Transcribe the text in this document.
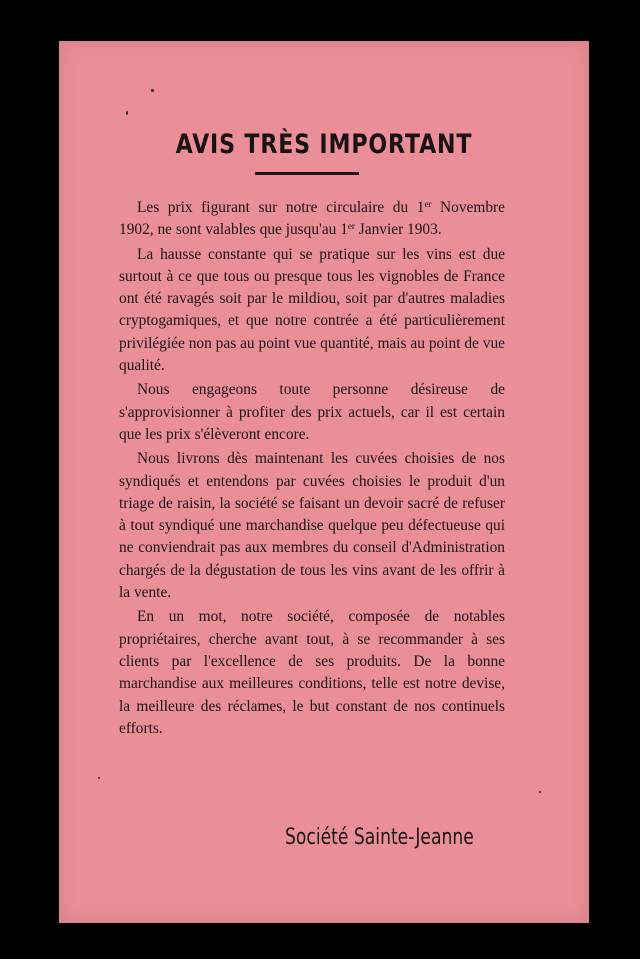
AVIS TRÈS IMPORTANT

Les prix figurant sur notre circulaire du 1er Novembre 1902, ne sont valables que jusqu'au 1er Janvier 1903.

La hausse constante qui se pratique sur les vins est due surtout à ce que tous ou presque tous les vignobles de France ont été ravagés soit par le mildiou, soit par d'autres maladies cryptogamiques, et que notre contrée a été particulièrement privilégiée non pas au point vue quantité, mais au point de vue qualité.

Nous engageons toute personne désireuse de s'approvisionner à profiter des prix actuels, car il est certain que les prix s'élèveront encore.

Nous livrons dès maintenant les cuvées choisies de nos syndiqués et entendons par cuvées choisies le produit d'un triage de raisin, la société se faisant un devoir sacré de refuser à tout syndiqué une marchandise quelque peu défectueuse qui ne conviendrait pas aux membres du conseil d'Administration chargés de la dégustation de tous les vins avant de les offrir à la vente.

En un mot, notre société, composée de notables propriétaires, cherche avant tout, à se recommander à ses clients par l'excellence de ses produits. De la bonne marchandise aux meilleures conditions, telle est notre devise, la meilleure des réclames, le but constant de nos continuels efforts.

Société Sainte-Jeanne
